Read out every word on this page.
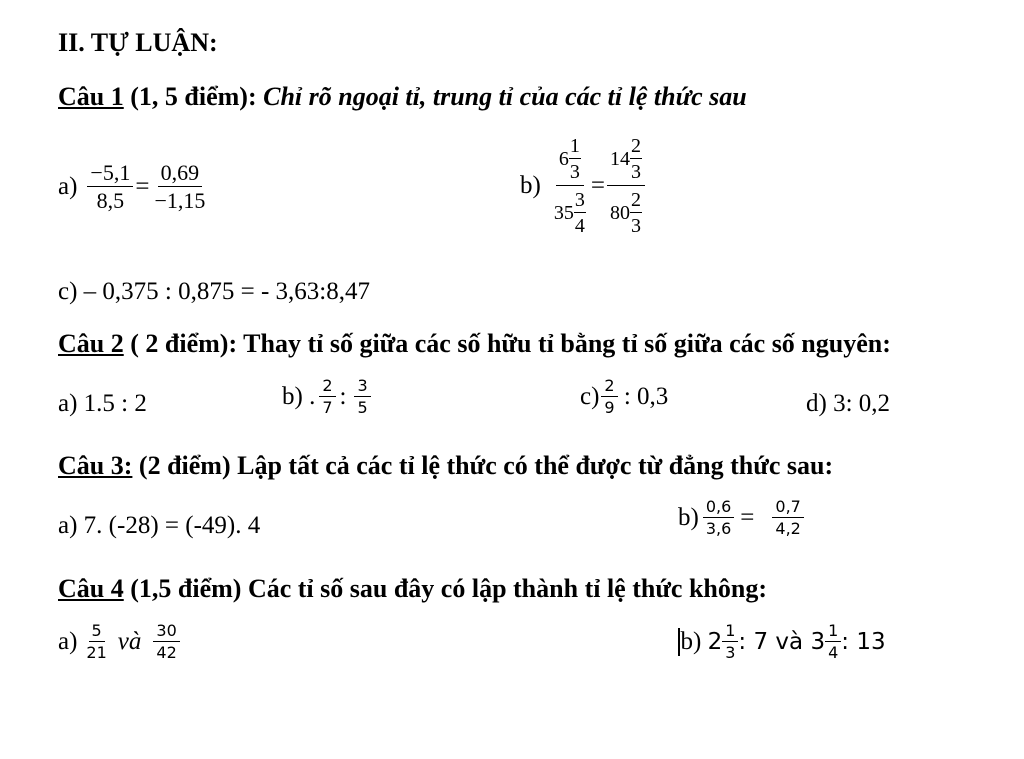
II. TỰ LUẬN:
Câu 1 (1, 5 điểm): Chỉ rõ ngoại tỉ, trung tỉ của các tỉ lệ thức sau
$a) \frac{-5,1}{8,5} = \frac{0,69}{-1,15}$	$b) \frac{6 \frac{1}{3}}{35 \frac{3}{4}} = \frac{14 \frac{2}{3}}{80 \frac{2}{3}}$
c) – 0,375 : 0,875 = - 3,63:8,47
Câu 2 ( 2 điểm): Thay tỉ số giữa các số hữu tỉ bằng tỉ số giữa các số nguyên:
a) 1.5 : 2	b) . $\frac{2}{7}$ : $\frac{3}{5}$	$c) \frac{2}{9}$ : 0,3	d) 3: 0,2
Câu 3: (2 điểm) Lập tất cả các tỉ lệ thức có thể được từ đẳng thức sau:
a) 7. (-28) = (-49). 4	$b) \frac{0,6}{3,6} = \frac{0,7}{4,2}$
Câu 4 (1,5 điểm) Các tỉ số sau đây có lập thành tỉ lệ thức không:
$a) \frac{5}{21}$ và $\frac{30}{42}$	b) $2 \frac{1}{3}$ : 7 và $3 \frac{1}{4}$ : 13
